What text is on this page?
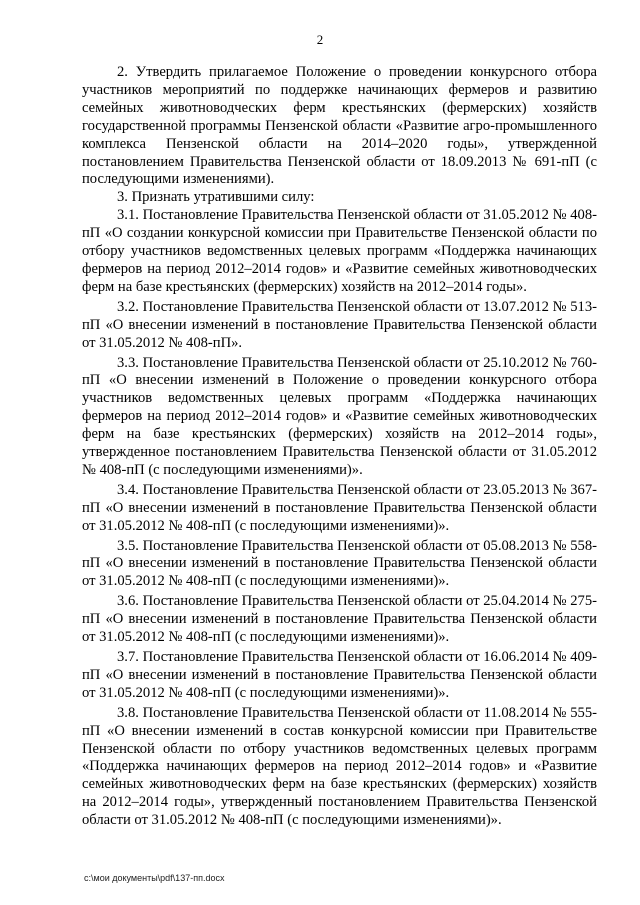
2

2. Утвердить прилагаемое Положение о проведении конкурсного отбора участников мероприятий по поддержке начинающих фермеров и развитию семейных животноводческих ферм крестьянских (фермерских) хозяйств государственной программы Пензенской области «Развитие агро-промышленного комплекса Пензенской области на 2014–2020 годы», утвержденной постановлением Правительства Пензенской области от 18.09.2013 № 691-пП (с последующими изменениями).

3. Признать утратившими силу:

3.1. Постановление Правительства Пензенской области от 31.05.2012 № 408-пП «О создании конкурсной комиссии при Правительстве Пензенской области по отбору участников ведомственных целевых программ «Поддержка начинающих фермеров на период 2012–2014 годов» и «Развитие семейных животноводческих ферм на базе крестьянских (фермерских) хозяйств на 2012–2014 годы».

3.2. Постановление Правительства Пензенской области от 13.07.2012 № 513-пП «О внесении изменений в постановление Правительства Пензенской области от 31.05.2012 № 408-пП».

3.3. Постановление Правительства Пензенской области от 25.10.2012 № 760-пП «О внесении изменений в Положение о проведении конкурсного отбора участников ведомственных целевых программ «Поддержка начинающих фермеров на период 2012–2014 годов» и «Развитие семейных животноводческих ферм на базе крестьянских (фермерских) хозяйств на 2012–2014 годы», утвержденное постановлением Правительства Пензенской области от 31.05.2012 № 408-пП (с последующими изменениями)».

3.4. Постановление Правительства Пензенской области от 23.05.2013 № 367-пП «О внесении изменений в постановление Правительства Пензенской области от 31.05.2012 № 408-пП (с последующими изменениями)».

3.5. Постановление Правительства Пензенской области от 05.08.2013 № 558-пП «О внесении изменений в постановление Правительства Пензенской области от 31.05.2012 № 408-пП (с последующими изменениями)».

3.6. Постановление Правительства Пензенской области от 25.04.2014 № 275-пП «О внесении изменений в постановление Правительства Пензенской области от 31.05.2012 № 408-пП (с последующими изменениями)».

3.7. Постановление Правительства Пензенской области от 16.06.2014 № 409-пП «О внесении изменений в постановление Правительства Пензенской области от 31.05.2012 № 408-пП (с последующими изменениями)».

3.8. Постановление Правительства Пензенской области от 11.08.2014 № 555-пП «О внесении изменений в состав конкурсной комиссии при Правительстве Пензенской области по отбору участников ведомственных целевых программ «Поддержка начинающих фермеров на период 2012–2014 годов» и «Развитие семейных животноводческих ферм на базе крестьянских (фермерских) хозяйств на 2012–2014 годы», утвержденный постановлением Правительства Пензенской области от 31.05.2012 № 408-пП (с последующими изменениями)».

c:\мои документы\pdf\137-пп.docx
